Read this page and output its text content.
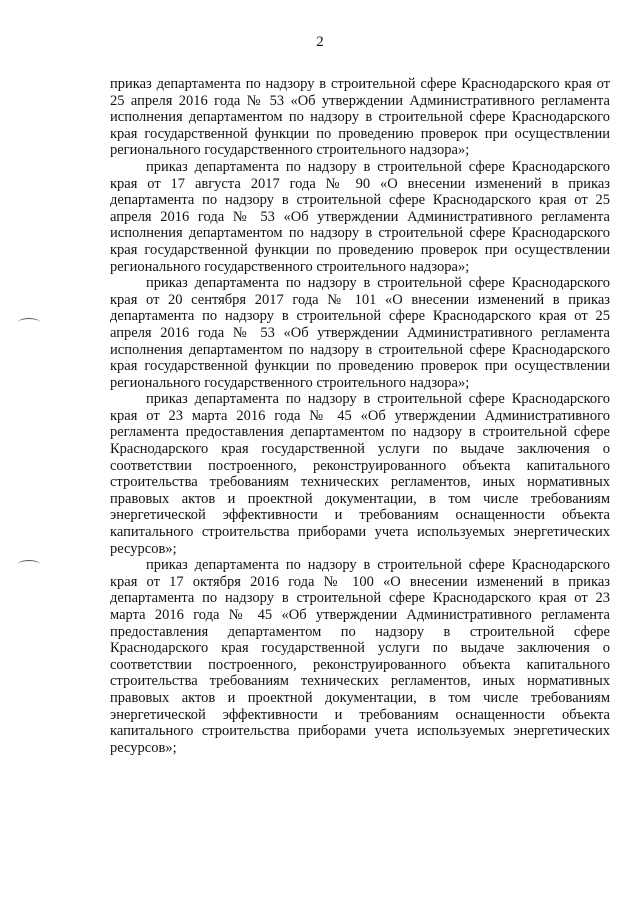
2

приказ департамента по надзору в строительной сфере Краснодарского края от 25 апреля 2016 года № 53 «Об утверждении Административного регламента исполнения департаментом по надзору в строительной сфере Краснодарского края государственной функции по проведению проверок при осуществлении регионального государственного строительного надзора»;

приказ департамента по надзору в строительной сфере Краснодарского края от 17 августа 2017 года № 90 «О внесении изменений в приказ департамента по надзору в строительной сфере Краснодарского края от 25 апреля 2016 года № 53 «Об утверждении Административного регламента исполнения департаментом по надзору в строительной сфере Краснодарского края государственной функции по проведению проверок при осуществлении регионального государственного строительного надзора»;

приказ департамента по надзору в строительной сфере Краснодарского края от 20 сентября 2017 года № 101 «О внесении изменений в приказ департамента по надзору в строительной сфере Краснодарского края от 25 апреля 2016 года № 53 «Об утверждении Административного регламента исполнения департаментом по надзору в строительной сфере Краснодарского края государственной функции по проведению проверок при осуществлении регионального государственного строительного надзора»;

приказ департамента по надзору в строительной сфере Краснодарского края от 23 марта 2016 года № 45 «Об утверждении Административного регламента предоставления департаментом по надзору в строительной сфере Краснодарского края государственной услуги по выдаче заключения о соответствии построенного, реконструированного объекта капитального строительства требованиям технических регламентов, иных нормативных правовых актов и проектной документации, в том числе требованиям энергетической эффективности и требованиям оснащенности объекта капитального строительства приборами учета используемых энергетических ресурсов»;

приказ департамента по надзору в строительной сфере Краснодарского края от 17 октября 2016 года № 100 «О внесении изменений в приказ департамента по надзору в строительной сфере Краснодарского края от 23 марта 2016 года № 45 «Об утверждении Административного регламента предоставления департаментом по надзору в строительной сфере Краснодарского края государственной услуги по выдаче заключения о соответствии построенного, реконструированного объекта капитального строительства требованиям технических регламентов, иных нормативных правовых актов и проектной документации, в том числе требованиям энергетической эффективности и требованиям оснащенности объекта капитального строительства приборами учета используемых энергетических ресурсов»;
